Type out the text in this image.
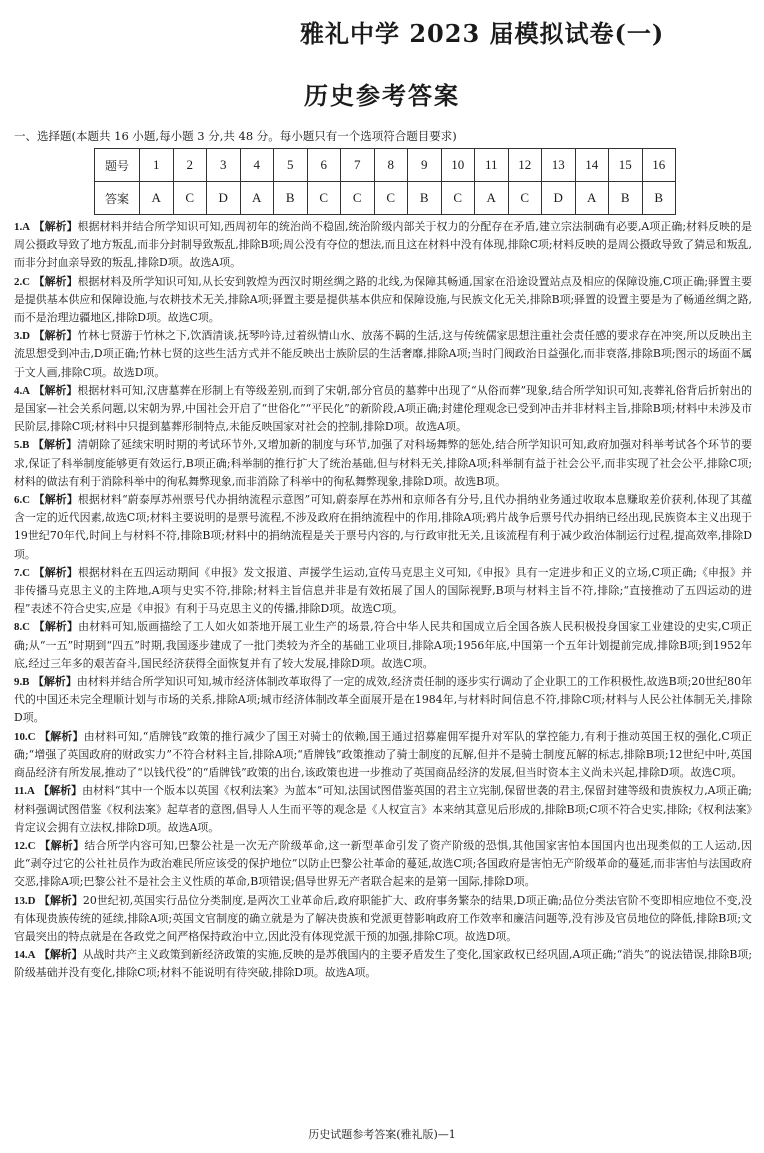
雅礼中学 2023 届模拟试卷(一)
历史参考答案
一、选择题(本题共 16 小题,每小题 3 分,共 48 分。每小题只有一个选项符合题目要求)
题号	1	2	3	4	5	6	7	8	9	10	11	12	13	14	15	16
答案	A	C	D	A	B	C	C	C	B	C	A	C	D	A	B	B

1.A 【解析】根据材料并结合所学知识可知,西周初年的统治尚不稳固,统治阶级内部关于权力的分配存在矛盾,建立宗法制确有必要,A项正确;材料反映的是周公摄政导致了地方叛乱,而非分封制导致叛乱,排除B项;周公没有夺位的想法,而且这在材料中没有体现,排除C项;材料反映的是周公摄政导致了猜忌和叛乱,而非分封血亲导致的叛乱,排除D项。故选A项。

2.C 【解析】根据材料及所学知识可知,从长安到敦煌为西汉时期丝绸之路的北线,为保障其畅通,国家在沿途设置站点及相应的保障设施,C项正确;驿置主要是提供基本供应和保障设施,与农耕技术无关,排除A项;驿置主要是提供基本供应和保障设施,与民族文化无关,排除B项;驿置的设置主要是为了畅通丝绸之路,而不是治理边疆地区,排除D项。故选C项。

3.D 【解析】竹林七贤游于竹林之下,饮酒清谈,抚琴吟诗,过着纵情山水、放荡不羁的生活,这与传统儒家思想注重社会责任感的要求存在冲突,所以反映出主流思想受到冲击,D项正确;竹林七贤的这些生活方式并不能反映出士族阶层的生活奢靡,排除A项;当时门阀政治日益强化,而非衰落,排除B项;图示的场面不属于文人画,排除C项。故选D项。

4.A 【解析】根据材料可知,汉唐墓葬在形制上有等级差别,而到了宋朝,部分官员的墓葬中出现了“从俗而葬”现象,结合所学知识可知,丧葬礼俗背后折射出的是国家—社会关系问题,以宋朝为界,中国社会开启了“世俗化”“平民化”的新阶段,A项正确;封建伦理观念已受到冲击并非材料主旨,排除B项;材料中未涉及市民阶层,排除C项;材料中只提到墓葬形制特点,未能反映国家对社会的控制,排除D项。故选A项。

5.B 【解析】清朝除了延续宋明时期的考试环节外,又增加新的制度与环节,加强了对科场舞弊的惩处,结合所学知识可知,政府加强对科举考试各个环节的要求,保证了科举制度能够更有效运行,B项正确;科举制的推行扩大了统治基础,但与材料无关,排除A项;科举制有益于社会公平,而非实现了社会公平,排除C项;材料的做法有利于消除科举中的徇私舞弊现象,而非消除了科举中的徇私舞弊现象,排除D项。故选B项。

6.C 【解析】根据材料“蔚泰厚苏州票号代办捐纳流程示意图”可知,蔚泰厚在苏州和京师各有分号,且代办捐纳业务通过收取本息赚取差价获利,体现了其蕴含一定的近代因素,故选C项;材料主要说明的是票号流程,不涉及政府在捐纳流程中的作用,排除A项;鸦片战争后票号代办捐纳已经出现,民族资本主义出现于19世纪70年代,时间上与材料不符,排除B项;材料中的捐纳流程是关于票号内容的,与行政审批无关,且该流程有利于减少政治体制运行过程,提高效率,排除D项。

7.C 【解析】根据材料在五四运动期间《申报》发文报道、声援学生运动,宣传马克思主义可知,《申报》具有一定进步和正义的立场,C项正确;《申报》并非传播马克思主义的主阵地,A项与史实不符,排除;材料主旨信息并非是有效拓展了国人的国际视野,B项与材料主旨不符,排除;“直接推动了五四运动的进程”表述不符合史实,应是《申报》有利于马克思主义的传播,排除D项。故选C项。

8.C 【解析】由材料可知,版画描绘了工人如火如荼地开展工业生产的场景,符合中华人民共和国成立后全国各族人民积极投身国家工业建设的史实,C项正确;从“一五”时期到“四五”时期,我国逐步建成了一批门类较为齐全的基础工业项目,排除A项;1956年底,中国第一个五年计划提前完成,排除B项;到1952年底,经过三年多的艰苦奋斗,国民经济获得全面恢复并有了较大发展,排除D项。故选C项。

9.B 【解析】由材料并结合所学知识可知,城市经济体制改革取得了一定的成效,经济责任制的逐步实行调动了企业职工的工作积极性,故选B项;20世纪80年代的中国还未完全理顺计划与市场的关系,排除A项;城市经济体制改革全面展开是在1984年,与材料时间信息不符,排除C项;材料与人民公社体制无关,排除D项。

10.C 【解析】由材料可知,“盾牌钱”政策的推行减少了国王对骑士的依赖,国王通过招募雇佣军提升对军队的掌控能力,有利于推动英国王权的强化,C项正确;“增强了英国政府的财政实力”不符合材料主旨,排除A项;“盾牌钱”政策推动了骑士制度的瓦解,但并不是骑士制度瓦解的标志,排除B项;12世纪中叶,英国商品经济有所发展,推动了“以钱代役”的“盾牌钱”政策的出台,该政策也进一步推动了英国商品经济的发展,但当时资本主义尚未兴起,排除D项。故选C项。

11.A 【解析】由材料“其中一个版本以英国《权利法案》为蓝本”可知,法国试图借鉴英国的君主立宪制,保留世袭的君主,保留封建等级和贵族权力,A项正确;材料强调试图借鉴《权利法案》起草者的意图,倡导人人生而平等的观念是《人权宣言》本来纳其意见后形成的,排除B项;C项不符合史实,排除;《权利法案》肯定议会拥有立法权,排除D项。故选A项。

12.C 【解析】结合所学内容可知,巴黎公社是一次无产阶级革命,这一新型革命引发了资产阶级的恐惧,其他国家害怕本国国内也出现类似的工人运动,因此“剥夺过它的公社社员作为政治难民所应该受的保护地位”以防止巴黎公社革命的蔓延,故选C项;各国政府是害怕无产阶级革命的蔓延,而非害怕与法国政府交恶,排除A项;巴黎公社不是社会主义性质的革命,B项错误;倡导世界无产者联合起来的是第一国际,排除D项。

13.D 【解析】20世纪初,英国实行品位分类制度,是两次工业革命后,政府职能扩大、政府事务繁杂的结果,D项正确;品位分类法官阶不变即相应地位不变,没有体现贵族传统的延续,排除A项;英国文官制度的确立就是为了解决贵族和党派更替影响政府工作效率和廉洁问题等,没有涉及官员地位的降低,排除B项;文官最突出的特点就是在各政党之间严格保持政治中立,因此没有体现党派干预的加强,排除C项。故选D项。

14.A 【解析】从战时共产主义政策到新经济政策的实施,反映的是苏俄国内的主要矛盾发生了变化,国家政权已经巩固,A项正确;“消失”的说法错误,排除B项;阶级基础并没有变化,排除C项;材料不能说明有待突破,排除D项。故选A项。

历史试题参考答案(雅礼版)—1
